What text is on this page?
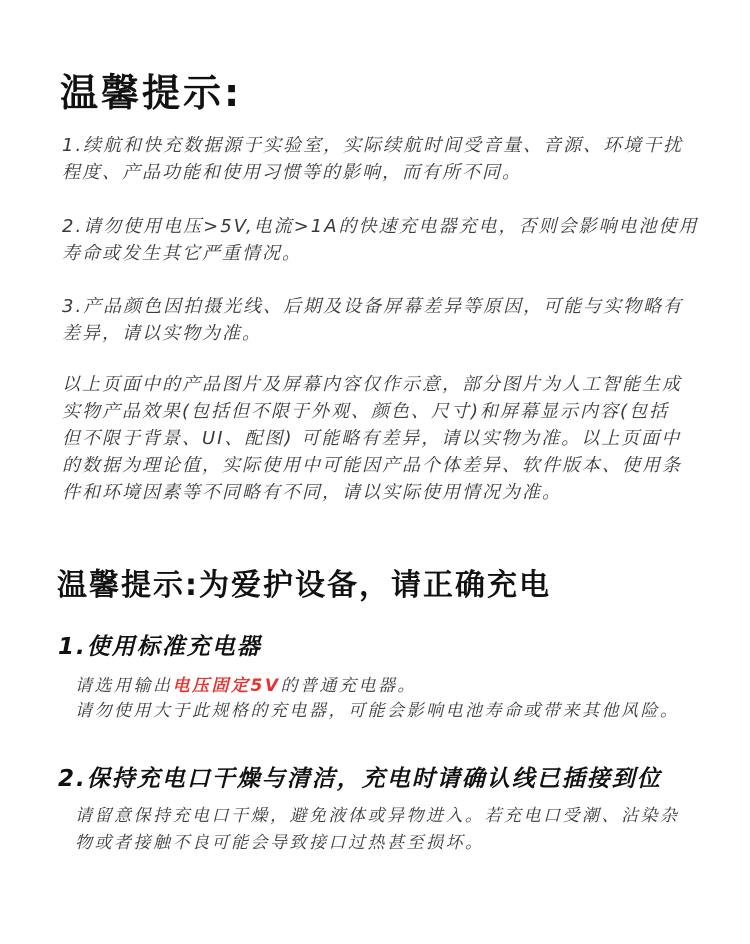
温馨提示:
1.续航和快充数据源于实验室，实际续航时间受音量、音源、环境干扰
程度、产品功能和使用习惯等的影响，而有所不同。
2.请勿使用电压>5V,电流>1A的快速充电器充电，否则会影响电池使用
寿命或发生其它严重情况。
3.产品颜色因拍摄光线、后期及设备屏幕差异等原因，可能与实物略有
差异，请以实物为准。
以上页面中的产品图片及屏幕内容仅作示意，部分图片为人工智能生成
实物产品效果(包括但不限于外观、颜色、尺寸)和屏幕显示内容(包括
但不限于背景、UI、配图) 可能略有差异，请以实物为准。以上页面中
的数据为理论值，实际使用中可能因产品个体差异、软件版本、使用条
件和环境因素等不同略有不同，请以实际使用情况为准。
温馨提示:为爱护设备，请正确充电
1.使用标准充电器
请选用输出电压固定5V的普通充电器。
请勿使用大于此规格的充电器，可能会影响电池寿命或带来其他风险。
2.保持充电口干燥与清洁，充电时请确认线已插接到位
请留意保持充电口干燥，避免液体或异物进入。若充电口受潮、沾染杂
物或者接触不良可能会导致接口过热甚至损坏。
